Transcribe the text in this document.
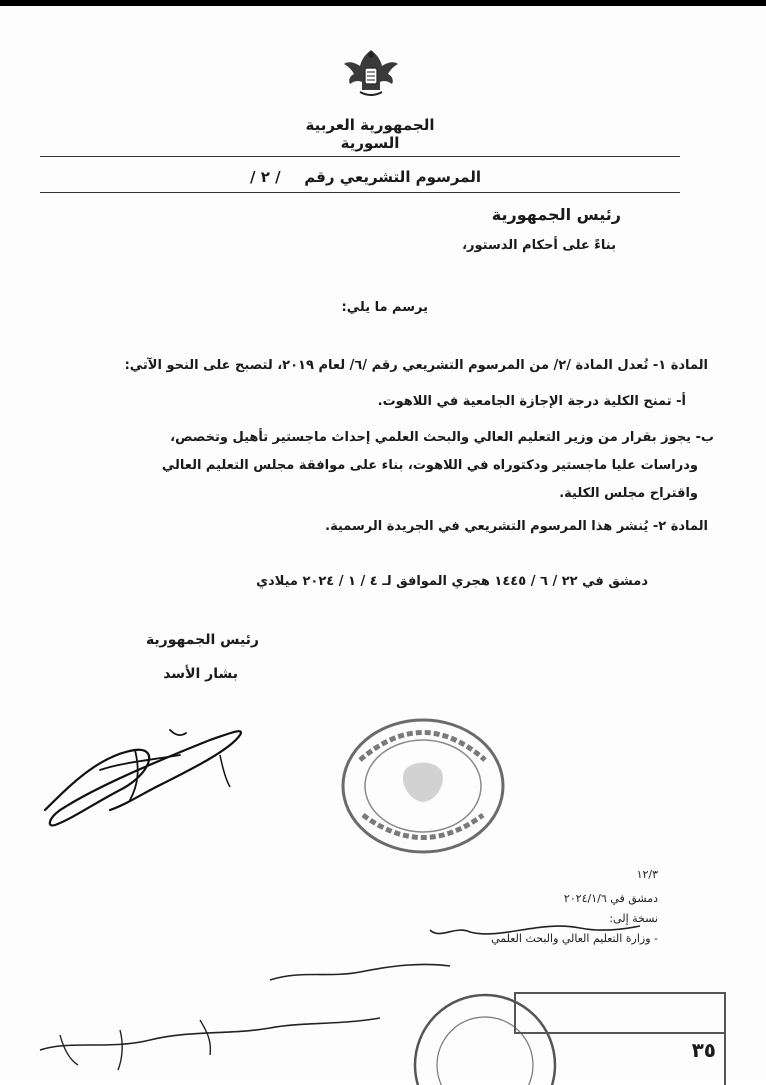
الجمهورية العربية السورية
المرسوم التشريعي رقم
/ ٢ /
رئيس الجمهورية
بناءً على أحكام الدستور،
يرسم ما يلي:
المادة ١- تُعدل المادة /٢/ من المرسوم التشريعي رقم /٦/ لعام ٢٠١٩، لتصبح على النحو الآتي:
أ- تمنح الكلية درجة الإجازة الجامعية في اللاهوت.
ب- يجوز بقرار من وزير التعليم العالي والبحث العلمي إحداث ماجستير تأهيل وتخصص،
ودراسات عليا ماجستير ودكتوراه في اللاهوت، بناء على موافقة مجلس التعليم العالي
واقتراح مجلس الكلية.
المادة ٢- يُنشر هذا المرسوم التشريعي في الجريدة الرسمية.
دمشق في ٢٢ / ٦ / ١٤٤٥ هجري الموافق لـ ٤ / ١ / ٢٠٢٤ ميلادي
رئيس الجمهورية
بشار الأسد
١٢/٣
دمشق في ٢٠٢٤/١/٦
نسخة إلى:
- وزارة التعليم العالي والبحث العلمي
٣٥
